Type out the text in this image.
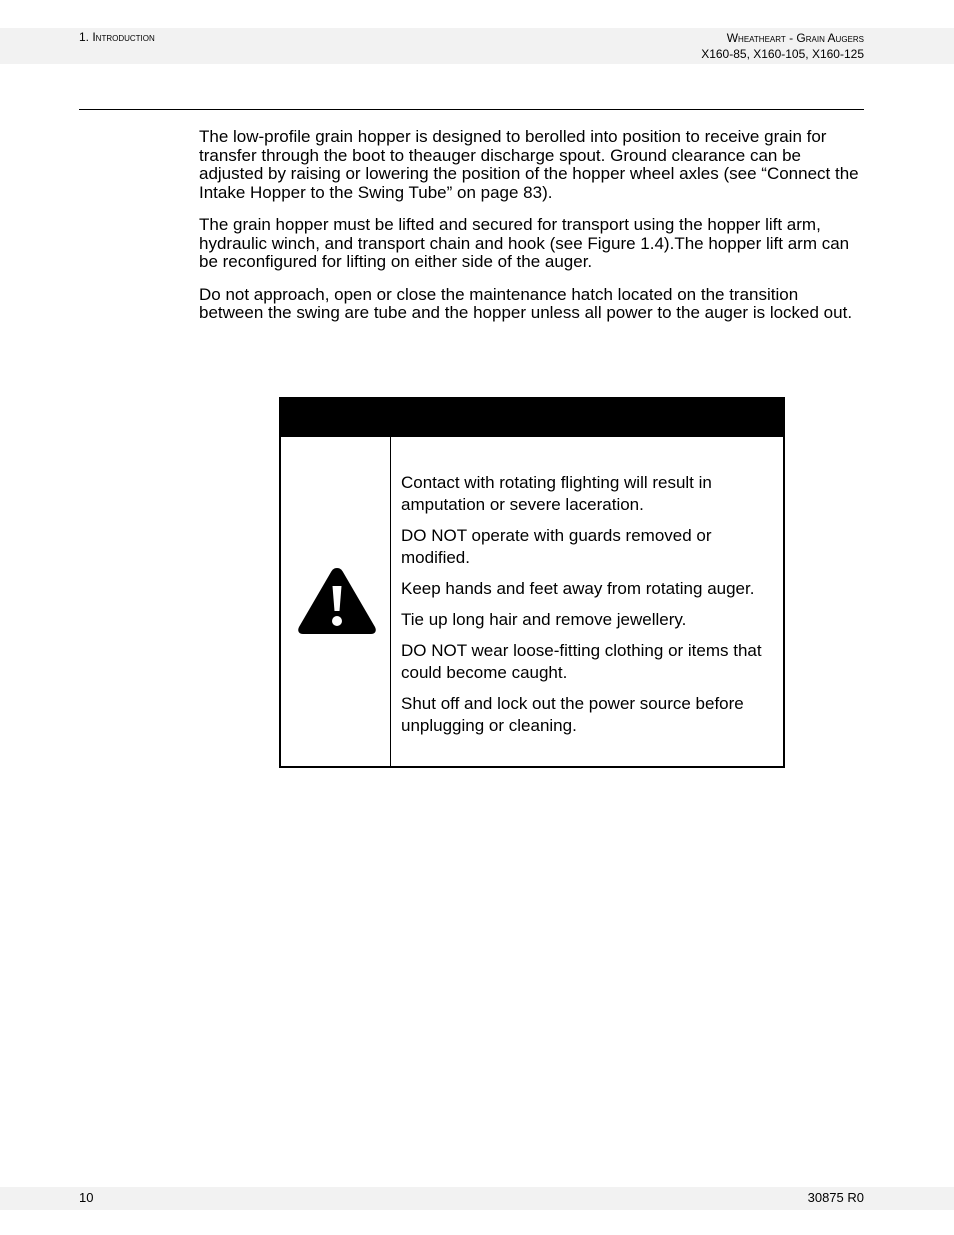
1. Introduction	Wheatheart - Grain Augers
X160-85, X160-105, X160-125

The low-profile grain hopper is designed to berolled into position to receive grain for transfer through the boot to theauger discharge spout. Ground clearance can be adjusted by raising or lowering the position of the hopper wheel axles (see “Connect the Intake Hopper to the Swing Tube” on page 83).

The grain hopper must be lifted and secured for transport using the hopper lift arm, hydraulic winch, and transport chain and hook (see Figure 1.4).The hopper lift arm can be reconfigured for lifting on either side of the auger.

Do not approach, open or close the maintenance hatch located on the transition between the swing are tube and the hopper unless all power to the auger is locked out.

Contact with rotating flighting will result in amputation or severe laceration.

DO NOT operate with guards removed or modified.

Keep hands and feet away from rotating auger.

Tie up long hair and remove jewellery.

DO NOT wear loose-fitting clothing or items that could become caught.

Shut off and lock out the power source before unplugging or cleaning.

10	30875 R0
